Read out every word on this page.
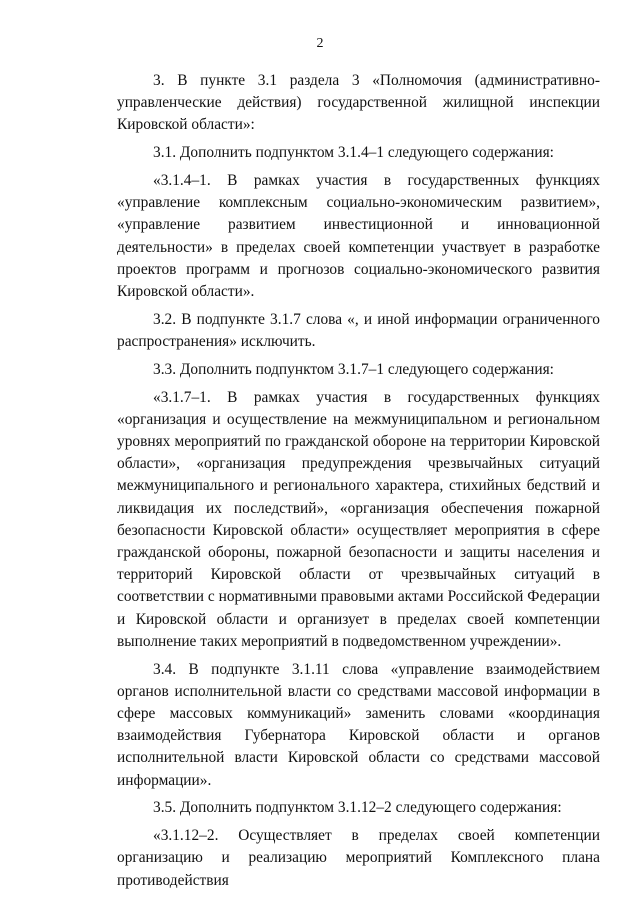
2

3. В пункте 3.1 раздела 3 «Полномочия (административно-управленческие действия) государственной жилищной инспекции Кировской области»:

3.1. Дополнить подпунктом 3.1.4–1 следующего содержания:

«3.1.4–1. В рамках участия в государственных функциях «управление комплексным социально-экономическим развитием», «управление развитием инвестиционной и инновационной деятельности» в пределах своей компетенции участвует в разработке проектов программ и прогнозов социально-экономического развития Кировской области».

3.2. В подпункте 3.1.7 слова «, и иной информации ограниченного распространения» исключить.

3.3. Дополнить подпунктом 3.1.7–1 следующего содержания:

«3.1.7–1. В рамках участия в государственных функциях «организация и осуществление на межмуниципальном и региональном уровнях мероприятий по гражданской обороне на территории Кировской области», «организация предупреждения чрезвычайных ситуаций межмуниципального и регионального характера, стихийных бедствий и ликвидация их последствий», «организация обеспечения пожарной безопасности Кировской области» осуществляет мероприятия в сфере гражданской обороны, пожарной безопасности и защиты населения и территорий Кировской области от чрезвычайных ситуаций в соответствии с нормативными правовыми актами Российской Федерации и Кировской области и организует в пределах своей компетенции выполнение таких мероприятий в подведомственном учреждении».

3.4. В подпункте 3.1.11 слова «управление взаимодействием органов исполнительной власти со средствами массовой информации в сфере массовых коммуникаций» заменить словами «координация взаимодействия Губернатора Кировской области и органов исполнительной власти Кировской области со средствами массовой информации».

3.5. Дополнить подпунктом 3.1.12–2 следующего содержания:

«3.1.12–2. Осуществляет в пределах своей компетенции организацию и реализацию мероприятий Комплексного плана противодействия
